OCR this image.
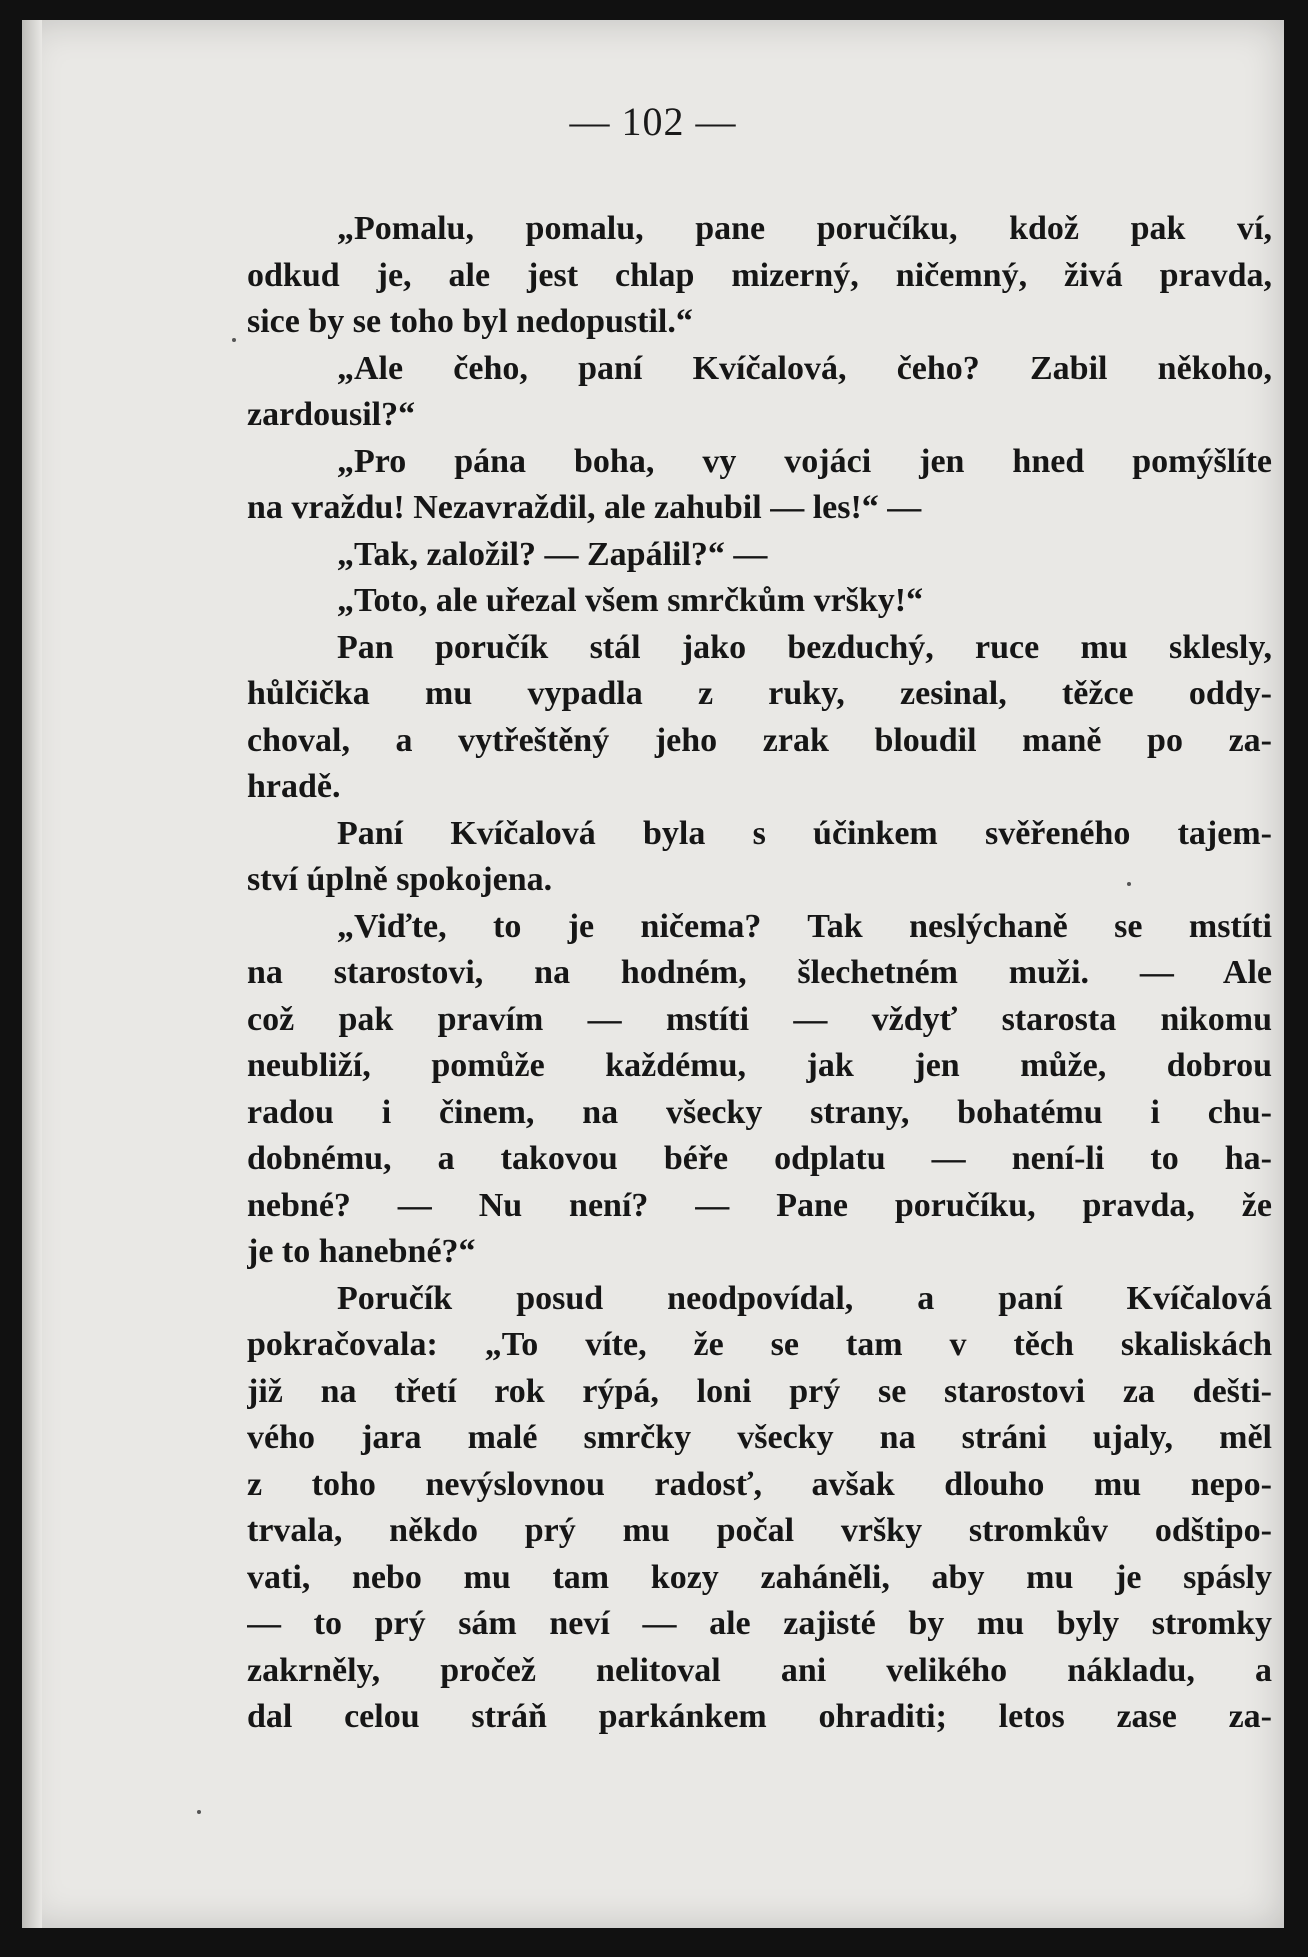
— 102 —
„Pomalu, pomalu, pane poručíku, kdož pak ví,
odkud je, ale jest chlap mizerný, ničemný, živá pravda,
sice by se toho byl nedopustil.“
„Ale čeho, paní Kvíčalová, čeho? Zabil někoho,
zardousil?“
„Pro pána boha, vy vojáci jen hned pomýšlíte
na vraždu! Nezavraždil, ale zahubil — les!“ —
„Tak, založil? — Zapálil?“ —
„Toto, ale uřezal všem smrčkům vršky!“
Pan poručík stál jako bezduchý, ruce mu sklesly,
hůlčička mu vypadla z ruky, zesinal, těžce oddy-
choval, a vytřeštěný jeho zrak bloudil maně po za-
hradě.
Paní Kvíčalová byla s účinkem svěřeného tajem-
ství úplně spokojena.
„Viďte, to je ničema? Tak neslýchaně se mstíti
na starostovi, na hodném, šlechetném muži. — Ale
což pak pravím — mstíti — vždyť starosta nikomu
neubliží, pomůže každému, jak jen může, dobrou
radou i činem, na všecky strany, bohatému i chu-
dobnému, a takovou béře odplatu — není-li to ha-
nebné? — Nu není? — Pane poručíku, pravda, že
je to hanebné?“
Poručík posud neodpovídal, a paní Kvíčalová
pokračovala: „To víte, že se tam v těch skaliskách
již na třetí rok rýpá, loni prý se starostovi za dešti-
vého jara malé smrčky všecky na stráni ujaly, měl
z toho nevýslovnou radosť, avšak dlouho mu nepo-
trvala, někdo prý mu počal vršky stromkův odštipo-
vati, nebo mu tam kozy zaháněli, aby mu je spásly
— to prý sám neví — ale zajisté by mu byly stromky
zakrněly, pročež nelitoval ani velikého nákladu, a
dal celou stráň parkánkem ohraditi; letos zase za-
